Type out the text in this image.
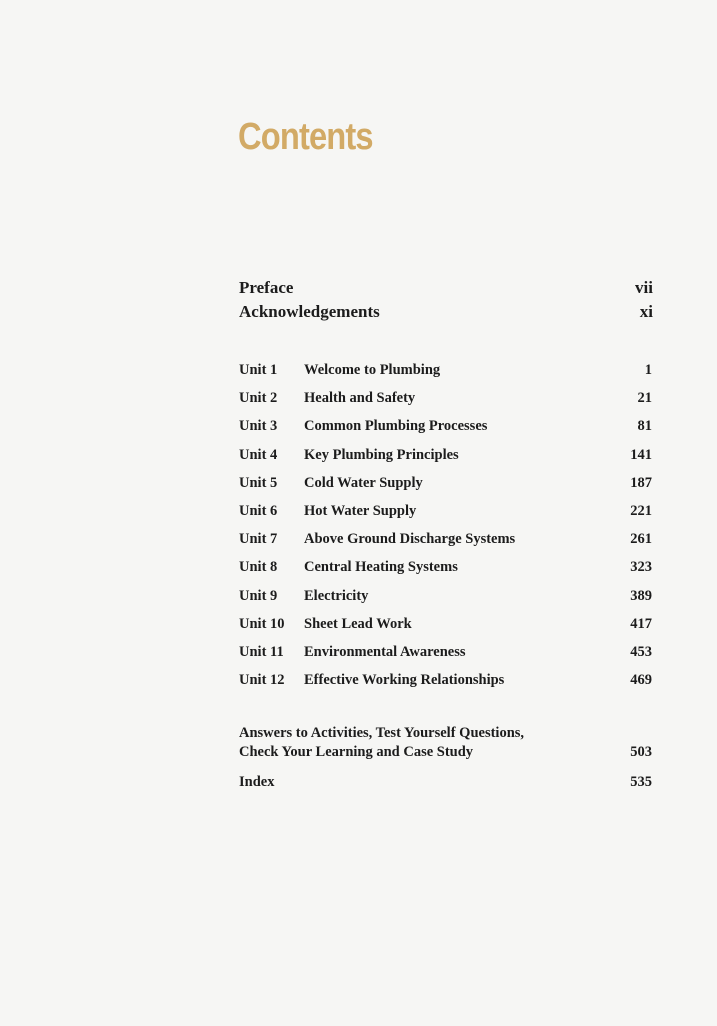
Contents
Preface	vii
Acknowledgements	xi
Unit 1	Welcome to Plumbing	1
Unit 2	Health and Safety	21
Unit 3	Common Plumbing Processes	81
Unit 4	Key Plumbing Principles	141
Unit 5	Cold Water Supply	187
Unit 6	Hot Water Supply	221
Unit 7	Above Ground Discharge Systems	261
Unit 8	Central Heating Systems	323
Unit 9	Electricity	389
Unit 10	Sheet Lead Work	417
Unit 11	Environmental Awareness	453
Unit 12	Effective Working Relationships	469
Answers to Activities, Test Yourself Questions,
Check Your Learning and Case Study	503
Index	535
